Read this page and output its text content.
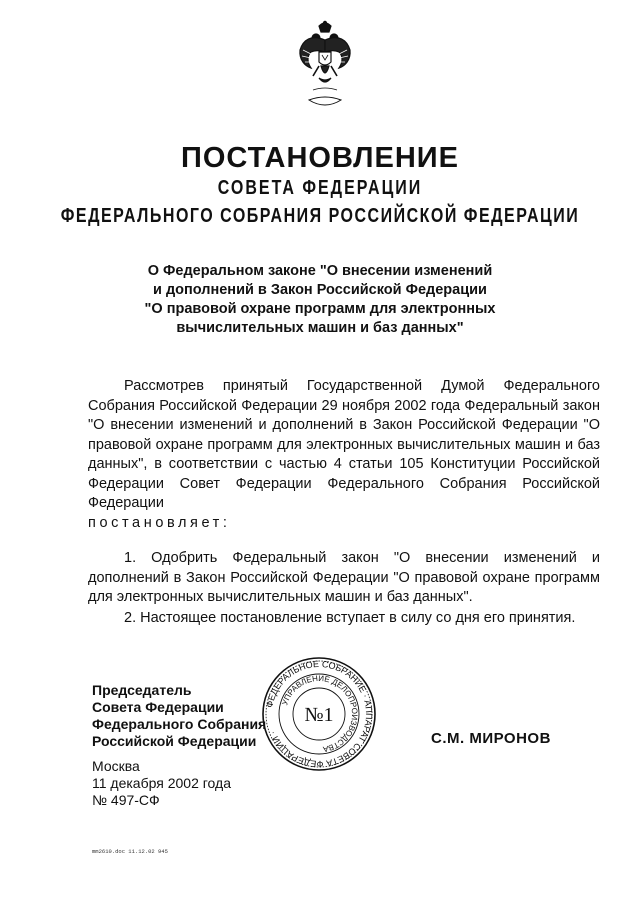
ПОСТАНОВЛЕНИЕ
СОВЕТА ФЕДЕРАЦИИ
ФЕДЕРАЛЬНОГО СОБРАНИЯ РОССИЙСКОЙ ФЕДЕРАЦИИ
О Федеральном законе "О внесении изменений
и дополнений в Закон Российской Федерации
"О правовой охране программ для электронных
вычислительных машин и баз данных"
Рассмотрев принятый Государственной Думой Федерального Собрания Российской Федерации 29 ноября 2002 года Федеральный закон "О внесении изменений и дополнений в Закон Российской Федерации "О правовой охране программ для электронных вычислительных машин и баз данных", в соответствии с частью 4 статьи 105 Конституции Российской Федерации Совет Федерации Федерального Собрания Российской Федерации
постановляет:
1. Одобрить Федеральный закон "О внесении изменений и дополнений в Закон Российской Федерации "О правовой охране программ для электронных вычислительных машин и баз данных".
2. Настоящее постановление вступает в силу со дня его принятия.
Председатель
Совета Федерации
Федерального Собрания
Российской Федерации
ФЕДЕРАЛЬНОЕ СОБРАНИЕ · АППАРАТ СОВЕТА ФЕДЕРАЦИИ ·
УПРАВЛЕНИЕ ДЕЛОПРОИЗВОДСТВА
№1
С.М. МИРОНОВ
Москва
11 декабря 2002 года
№ 497-СФ
mm2610.doc 11.12.02 945
